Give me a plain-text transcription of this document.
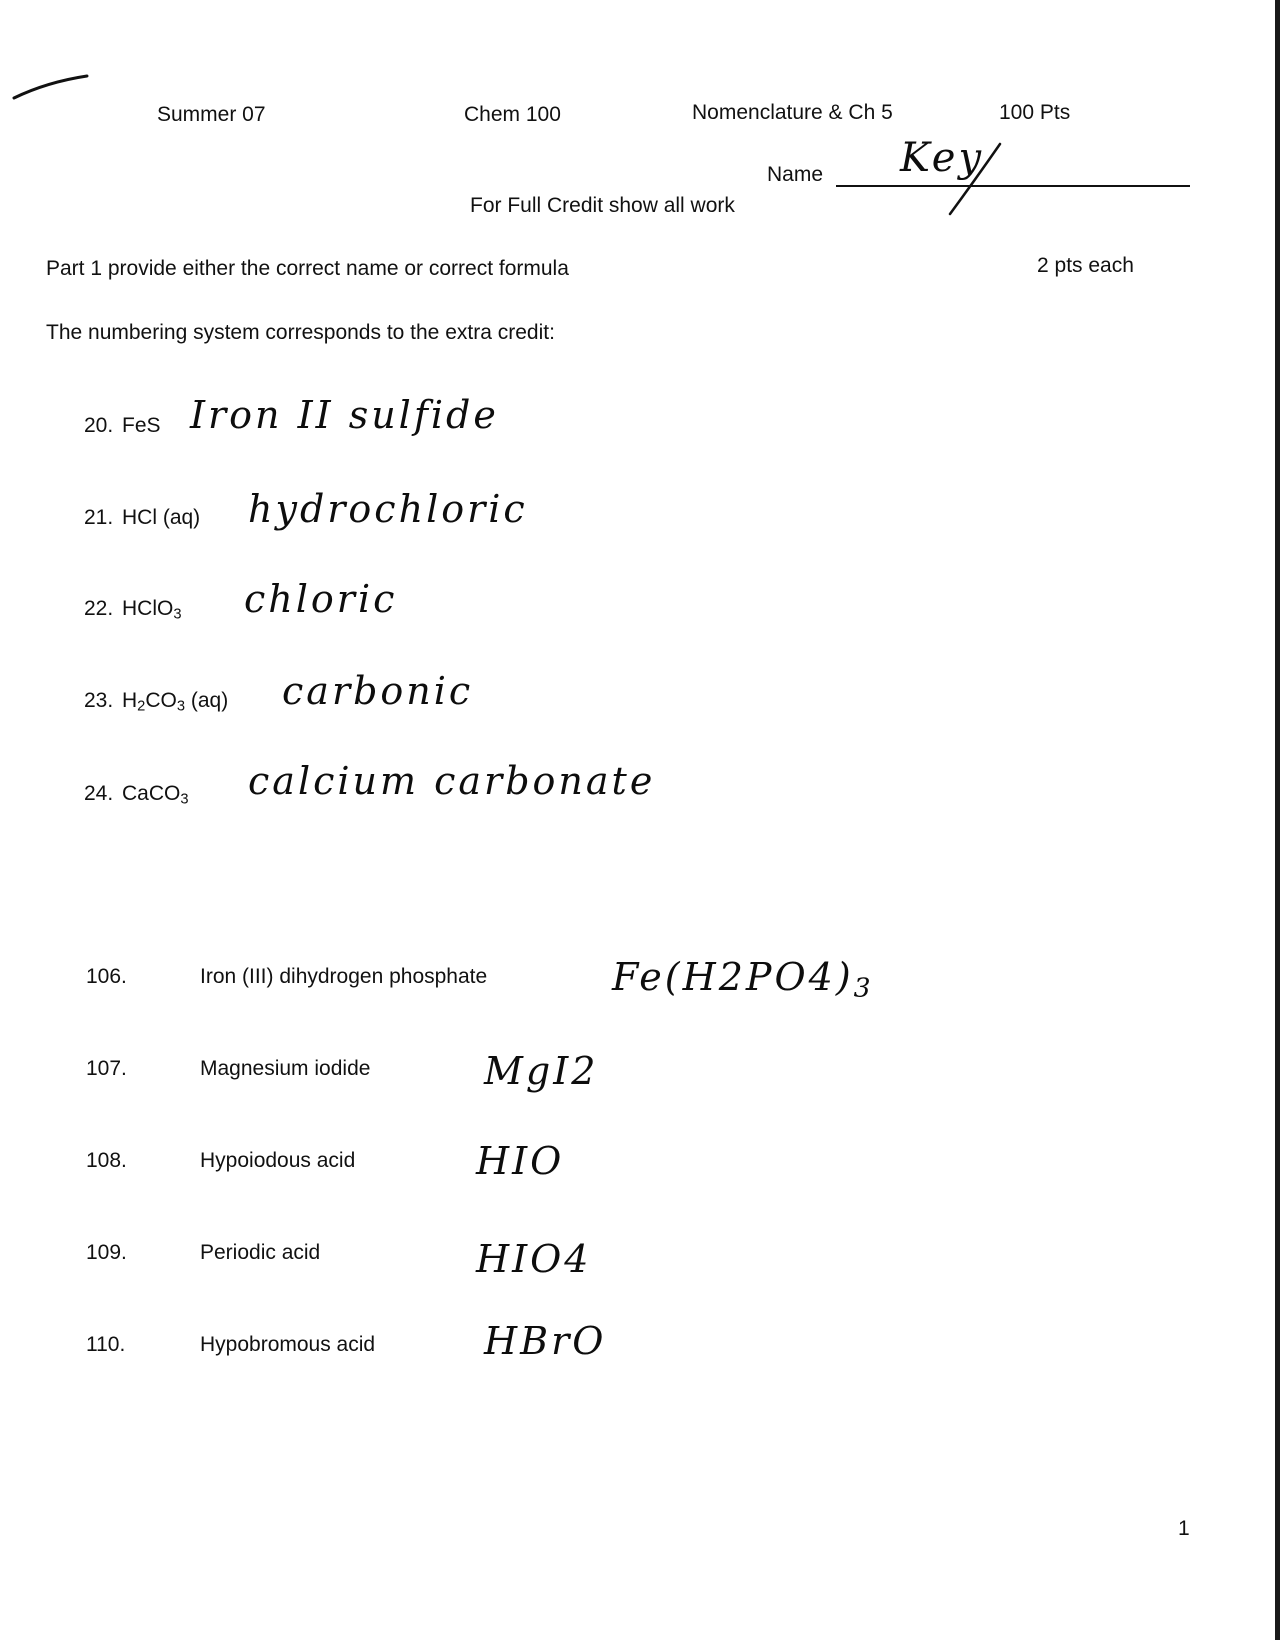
Summer 07	Chem 100	Nomenclature & Ch 5	100 Pts
Name Key
For Full Credit show all work
Part 1 provide either the correct name or correct formula	2 pts each
The numbering system corresponds to the extra credit:
20. FeS Iron II sulfide
21. HCl (aq) hydrochloric
22. HClO$_3$ chloric
23. $H_2CO_3$ (aq) carbonic
24. CaCO$_3$ calcium carbonate
106.	Iron (III) dihydrogen phosphate	$Fe(H2PO4)_3$
107.	Magnesium iodide	MgI2
108.	Hypoiodous acid	HIO
109.	Periodic acid	HIO4
110.	Hypobromous acid	HBrO
1
